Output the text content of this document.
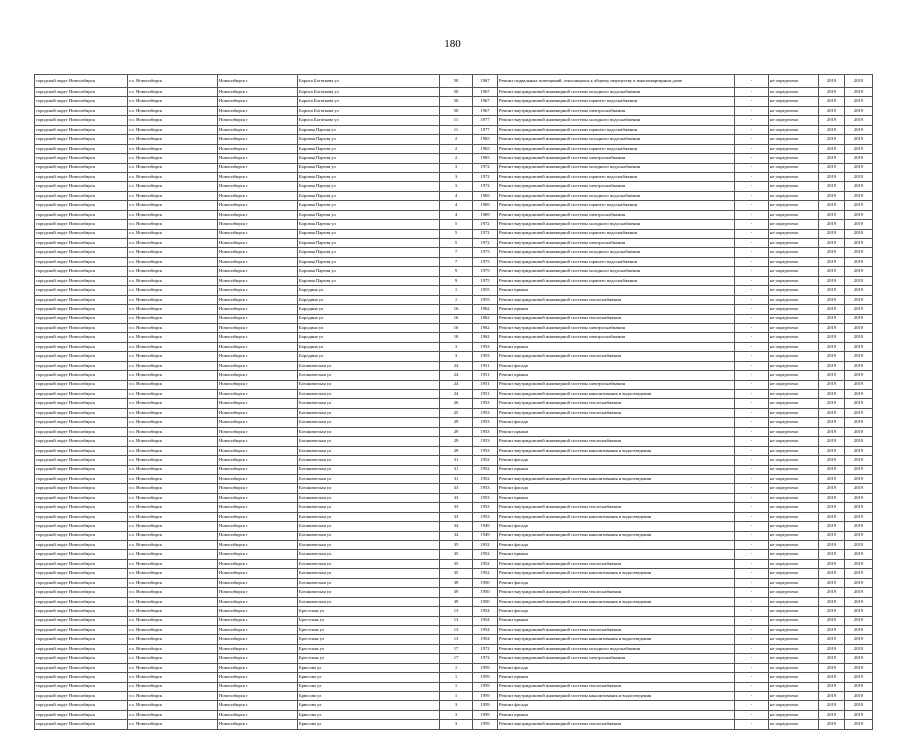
180
городской округ Новосибирск	г.о. Новосибирск	Новосибирск г	Бориса Богаткова ул	50	1967	Ремонт подвальных помещений, относящихся к общему имуществу в многоквартирном доме	-	не определено	2019	2019
городской округ Новосибирск	г.о. Новосибирск	Новосибирск г	Бориса Богаткова ул	50	1967	Ремонт внутридомовой инженерной системы холодного водоснабжения	-	не определено	2019	2019
городской округ Новосибирск	г.о. Новосибирск	Новосибирск г	Бориса Богаткова ул	50	1967	Ремонт внутридомовой инженерной системы горячего водоснабжения	-	не определено	2019	2019
городской округ Новосибирск	г.о. Новосибирск	Новосибирск г	Бориса Богаткова ул	50	1967	Ремонт внутридомовой инженерной системы электроснабжения	-	не определено	2019	2019
городской округ Новосибирск	г.о. Новосибирск	Новосибирск г	Бориса Богаткова ул	11	1977	Ремонт внутридомовой инженерной системы холодного водоснабжения	-	не определено	2019	2019
городской округ Новосибирск	г.о. Новосибирск	Новосибирск г	Боровая Партия ул	11	1977	Ремонт внутридомовой инженерной системы горячего водоснабжения	-	не определено	2019	2019
городской округ Новосибирск	г.о. Новосибирск	Новосибирск г	Боровая Партия ул	2	1965	Ремонт внутридомовой инженерной системы холодного водоснабжения	-	не определено	2019	2019
городской округ Новосибирск	г.о. Новосибирск	Новосибирск г	Боровая Партия ул	2	1965	Ремонт внутридомовой инженерной системы горячего водоснабжения	-	не определено	2019	2019
городской округ Новосибирск	г.о. Новосибирск	Новосибирск г	Боровая Партия ул	2	1965	Ремонт внутридомовой инженерной системы электроснабжения	-	не определено	2019	2019
городской округ Новосибирск	г.о. Новосибирск	Новосибирск г	Боровая Партия ул	3	1972	Ремонт внутридомовой инженерной системы холодного водоснабжения	-	не определено	2019	2019
городской округ Новосибирск	г.о. Новосибирск	Новосибирск г	Боровая Партия ул	3	1972	Ремонт внутридомовой инженерной системы горячего водоснабжения	-	не определено	2019	2019
городской округ Новосибирск	г.о. Новосибирск	Новосибирск г	Боровая Партия ул	3	1972	Ремонт внутридомовой инженерной системы электроснабжения	-	не определено	2019	2019
городской округ Новосибирск	г.о. Новосибирск	Новосибирск г	Боровая Партия ул	4	1969	Ремонт внутридомовой инженерной системы холодного водоснабжения	-	не определено	2019	2019
городской округ Новосибирск	г.о. Новосибирск	Новосибирск г	Боровая Партия ул	4	1969	Ремонт внутридомовой инженерной системы горячего водоснабжения	-	не определено	2019	2019
городской округ Новосибирск	г.о. Новосибирск	Новосибирск г	Боровая Партия ул	4	1969	Ремонт внутридомовой инженерной системы электроснабжения	-	не определено	2019	2019
городской округ Новосибирск	г.о. Новосибирск	Новосибирск г	Боровая Партия ул	5	1972	Ремонт внутридомовой инженерной системы холодного водоснабжения	-	не определено	2019	2019
городской округ Новосибирск	г.о. Новосибирск	Новосибирск г	Боровая Партия ул	5	1972	Ремонт внутридомовой инженерной системы горячего водоснабжения	-	не определено	2019	2019
городской округ Новосибирск	г.о. Новосибирск	Новосибирск г	Боровая Партия ул	5	1972	Ремонт внутридомовой инженерной системы электроснабжения	-	не определено	2019	2019
городской округ Новосибирск	г.о. Новосибирск	Новосибирск г	Боровая Партия ул	7	1975	Ремонт внутридомовой инженерной системы холодного водоснабжения	-	не определено	2019	2019
городской округ Новосибирск	г.о. Новосибирск	Новосибирск г	Боровая Партия ул	7	1975	Ремонт внутридомовой инженерной системы горячего водоснабжения	-	не определено	2019	2019
городской округ Новосибирск	г.о. Новосибирск	Новосибирск г	Боровая Партия ул	9	1975	Ремонт внутридомовой инженерной системы холодного водоснабжения	-	не определено	2019	2019
городской округ Новосибирск	г.о. Новосибирск	Новосибирск г	Боровая Партия ул	9	1975	Ремонт внутридомовой инженерной системы горячего водоснабжения	-	не определено	2019	2019
городской округ Новосибирск	г.о. Новосибирск	Новосибирск г	Бородина ул	1	1955	Ремонт крыши	-	не определено	2019	2019
городской округ Новосибирск	г.о. Новосибирск	Новосибирск г	Бородина ул	1	1955	Ремонт внутридомовой инженерной системы теплоснабжения	-	не определено	2019	2019
городской округ Новосибирск	г.о. Новосибирск	Новосибирск г	Бородина ул	16	1962	Ремонт крыши	-	не определено	2019	2019
городской округ Новосибирск	г.о. Новосибирск	Новосибирск г	Бородина ул	16	1962	Ремонт внутридомовой инженерной системы теплоснабжения	-	не определено	2019	2019
городской округ Новосибирск	г.о. Новосибирск	Новосибирск г	Бородина ул	16	1962	Ремонт внутридомовой инженерной системы электроснабжения	-	не определено	2019	2019
городской округ Новосибирск	г.о. Новосибирск	Новосибирск г	Бородина ул	18	1962	Ремонт внутридомовой инженерной системы электроснабжения	-	не определено	2019	2019
городской округ Новосибирск	г.о. Новосибирск	Новосибирск г	Бородина ул	3	1953	Ремонт крыши	-	не определено	2019	2019
городской округ Новосибирск	г.о. Новосибирск	Новосибирск г	Бородина ул	3	1953	Ремонт внутридомовой инженерной системы теплоснабжения	-	не определено	2019	2019
городской округ Новосибирск	г.о. Новосибирск	Новосибирск г	Ботаническая ул	24	1951	Ремонт фасада	-	не определено	2019	2019
городской округ Новосибирск	г.о. Новосибирск	Новосибирск г	Ботаническая ул	24	1951	Ремонт крыши	-	не определено	2019	2019
городской округ Новосибирск	г.о. Новосибирск	Новосибирск г	Ботаническая ул	24	1951	Ремонт внутридомовой инженерной системы электроснабжения	-	не определено	2019	2019
городской округ Новосибирск	г.о. Новосибирск	Новосибирск г	Ботаническая ул	24	1951	Ремонт внутридомовой инженерной системы канализования и водоотведения	-	не определено	2019	2019
городской округ Новосибирск	г.о. Новосибирск	Новосибирск г	Ботаническая ул	26	1953	Ремонт внутридомовой инженерной системы теплоснабжения	-	не определено	2019	2019
городской округ Новосибирск	г.о. Новосибирск	Новосибирск г	Ботаническая ул	25	1953	Ремонт внутридомовой инженерной системы теплоснабжения	-	не определено	2019	2019
городской округ Новосибирск	г.о. Новосибирск	Новосибирск г	Ботаническая ул	29	1953	Ремонт фасада	-	не определено	2019	2019
городской округ Новосибирск	г.о. Новосибирск	Новосибирск г	Ботаническая ул	29	1953	Ремонт крыши	-	не определено	2019	2019
городской округ Новосибирск	г.о. Новосибирск	Новосибирск г	Ботаническая ул	29	1953	Ремонт внутридомовой инженерной системы теплоснабжения	-	не определено	2019	2019
городской округ Новосибирск	г.о. Новосибирск	Новосибирск г	Ботаническая ул	29	1953	Ремонт внутридомовой инженерной системы канализования и водоотведения	-	не определено	2019	2019
городской округ Новосибирск	г.о. Новосибирск	Новосибирск г	Ботаническая ул	31	1952	Ремонт фасада	-	не определено	2019	2019
городской округ Новосибирск	г.о. Новосибирск	Новосибирск г	Ботаническая ул	31	1952	Ремонт крыши	-	не определено	2019	2019
городской округ Новосибирск	г.о. Новосибирск	Новосибирск г	Ботаническая ул	31	1952	Ремонт внутридомовой инженерной системы канализования и водоотведения	-	не определено	2019	2019
городской округ Новосибирск	г.о. Новосибирск	Новосибирск г	Ботаническая ул	33	1953	Ремонт фасада	-	не определено	2019	2019
городской округ Новосибирск	г.о. Новосибирск	Новосибирск г	Ботаническая ул	33	1953	Ремонт крыши	-	не определено	2019	2019
городской округ Новосибирск	г.о. Новосибирск	Новосибирск г	Ботаническая ул	33	1953	Ремонт внутридомовой инженерной системы теплоснабжения	-	не определено	2019	2019
городской округ Новосибирск	г.о. Новосибирск	Новосибирск г	Ботаническая ул	33	1953	Ремонт внутридомовой инженерной системы канализования и водоотведения	-	не определено	2019	2019
городской округ Новосибирск	г.о. Новосибирск	Новосибирск г	Ботаническая ул	34	1949	Ремонт фасада	-	не определено	2019	2019
городской округ Новосибирск	г.о. Новосибирск	Новосибирск г	Ботаническая ул	34	1949	Ремонт внутридомовой инженерной системы канализования и водоотведения	-	не определено	2019	2019
городской округ Новосибирск	г.о. Новосибирск	Новосибирск г	Ботаническая ул	35	1952	Ремонт фасада	-	не определено	2019	2019
городской округ Новосибирск	г.о. Новосибирск	Новосибирск г	Ботаническая ул	35	1952	Ремонт крыши	-	не определено	2019	2019
городской округ Новосибирск	г.о. Новосибирск	Новосибирск г	Ботаническая ул	35	1952	Ремонт внутридомовой инженерной системы теплоснабжения	-	не определено	2019	2019
городской округ Новосибирск	г.о. Новосибирск	Новосибирск г	Ботаническая ул	35	1952	Ремонт внутридомовой инженерной системы канализования и водоотведения	-	не определено	2019	2019
городской округ Новосибирск	г.о. Новосибирск	Новосибирск г	Ботаническая ул	39	1950	Ремонт фасада	-	не определено	2019	2019
городской округ Новосибирск	г.о. Новосибирск	Новосибирск г	Ботаническая ул	39	1950	Ремонт внутридомовой инженерной системы теплоснабжения	-	не определено	2019	2019
городской округ Новосибирск	г.о. Новосибирск	Новосибирск г	Ботаническая ул	39	1950	Ремонт внутридомовой инженерной системы канализования и водоотведения	-	не определено	2019	2019
городской округ Новосибирск	г.о. Новосибирск	Новосибирск г	Брестская ул	13	1954	Ремонт фасада	-	не определено	2019	2019
городской округ Новосибирск	г.о. Новосибирск	Новосибирск г	Брестская ул	13	1954	Ремонт крыши	-	не определено	2019	2019
городской округ Новосибирск	г.о. Новосибирск	Новосибирск г	Брестская ул	13	1954	Ремонт внутридомовой инженерной системы теплоснабжения	-	не определено	2019	2019
городской округ Новосибирск	г.о. Новосибирск	Новосибирск г	Брестская ул	13	1954	Ремонт внутридомовой инженерной системы канализования и водоотведения	-	не определено	2019	2019
городской округ Новосибирск	г.о. Новосибирск	Новосибирск г	Брестская ул	17	1972	Ремонт внутридомовой инженерной системы холодного водоснабжения	-	не определено	2019	2019
городской округ Новосибирск	г.о. Новосибирск	Новосибирск г	Брестская ул	17	1972	Ремонт внутридомовой инженерной системы электроснабжения	-	не определено	2019	2019
городской округ Новосибирск	г.о. Новосибирск	Новосибирск г	Брюсова ул	1	1959	Ремонт фасада	-	не определено	2019	2019
городской округ Новосибирск	г.о. Новосибирск	Новосибирск г	Брюсова ул	1	1959	Ремонт крыши	-	не определено	2019	2019
городской округ Новосибирск	г.о. Новосибирск	Новосибирск г	Брюсова ул	1	1959	Ремонт внутридомовой инженерной системы теплоснабжения	-	не определено	2019	2019
городской округ Новосибирск	г.о. Новосибирск	Новосибирск г	Брюсова ул	1	1959	Ремонт внутридомовой инженерной системы канализования и водоотведения	-	не определено	2019	2019
городской округ Новосибирск	г.о. Новосибирск	Новосибирск г	Брюсова ул	3	1959	Ремонт фасада	-	не определено	2019	2019
городской округ Новосибирск	г.о. Новосибирск	Новосибирск г	Брюсова ул	3	1959	Ремонт крыши	-	не определено	2019	2019
городской округ Новосибирск	г.о. Новосибирск	Новосибирск г	Брюсова ул	3	1959	Ремонт внутридомовой инженерной системы теплоснабжения	-	не определено	2019	2019
